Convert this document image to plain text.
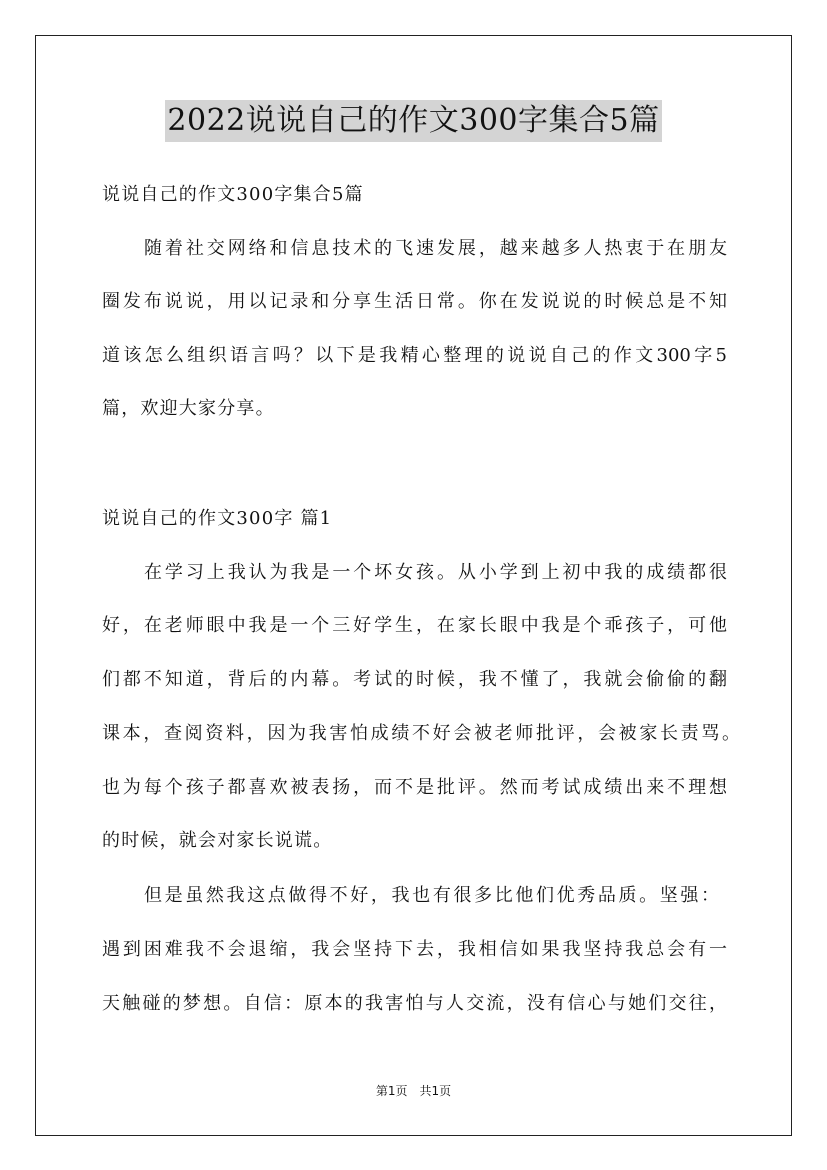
2022说说自己的作文300字集合5篇
说说自己的作文300字集合5篇
随着社交网络和信息技术的飞速发展，越来越多人热衷于在朋友
圈发布说说，用以记录和分享生活日常。你在发说说的时候总是不知
道该怎么组织语言吗？以下是我精心整理的说说自己的作文300字5
篇，欢迎大家分享。
说说自己的作文300字 篇1
在学习上我认为我是一个坏女孩。从小学到上初中我的成绩都很
好，在老师眼中我是一个三好学生，在家长眼中我是个乖孩子，可他
们都不知道，背后的内幕。考试的时候，我不懂了，我就会偷偷的翻
课本，查阅资料，因为我害怕成绩不好会被老师批评，会被家长责骂。
也为每个孩子都喜欢被表扬，而不是批评。然而考试成绩出来不理想
的时候，就会对家长说谎。
但是虽然我这点做得不好，我也有很多比他们优秀品质。坚强：
遇到困难我不会退缩，我会坚持下去，我相信如果我坚持我总会有一
天触碰的梦想。自信：原本的我害怕与人交流，没有信心与她们交往，
第1页 共1页
